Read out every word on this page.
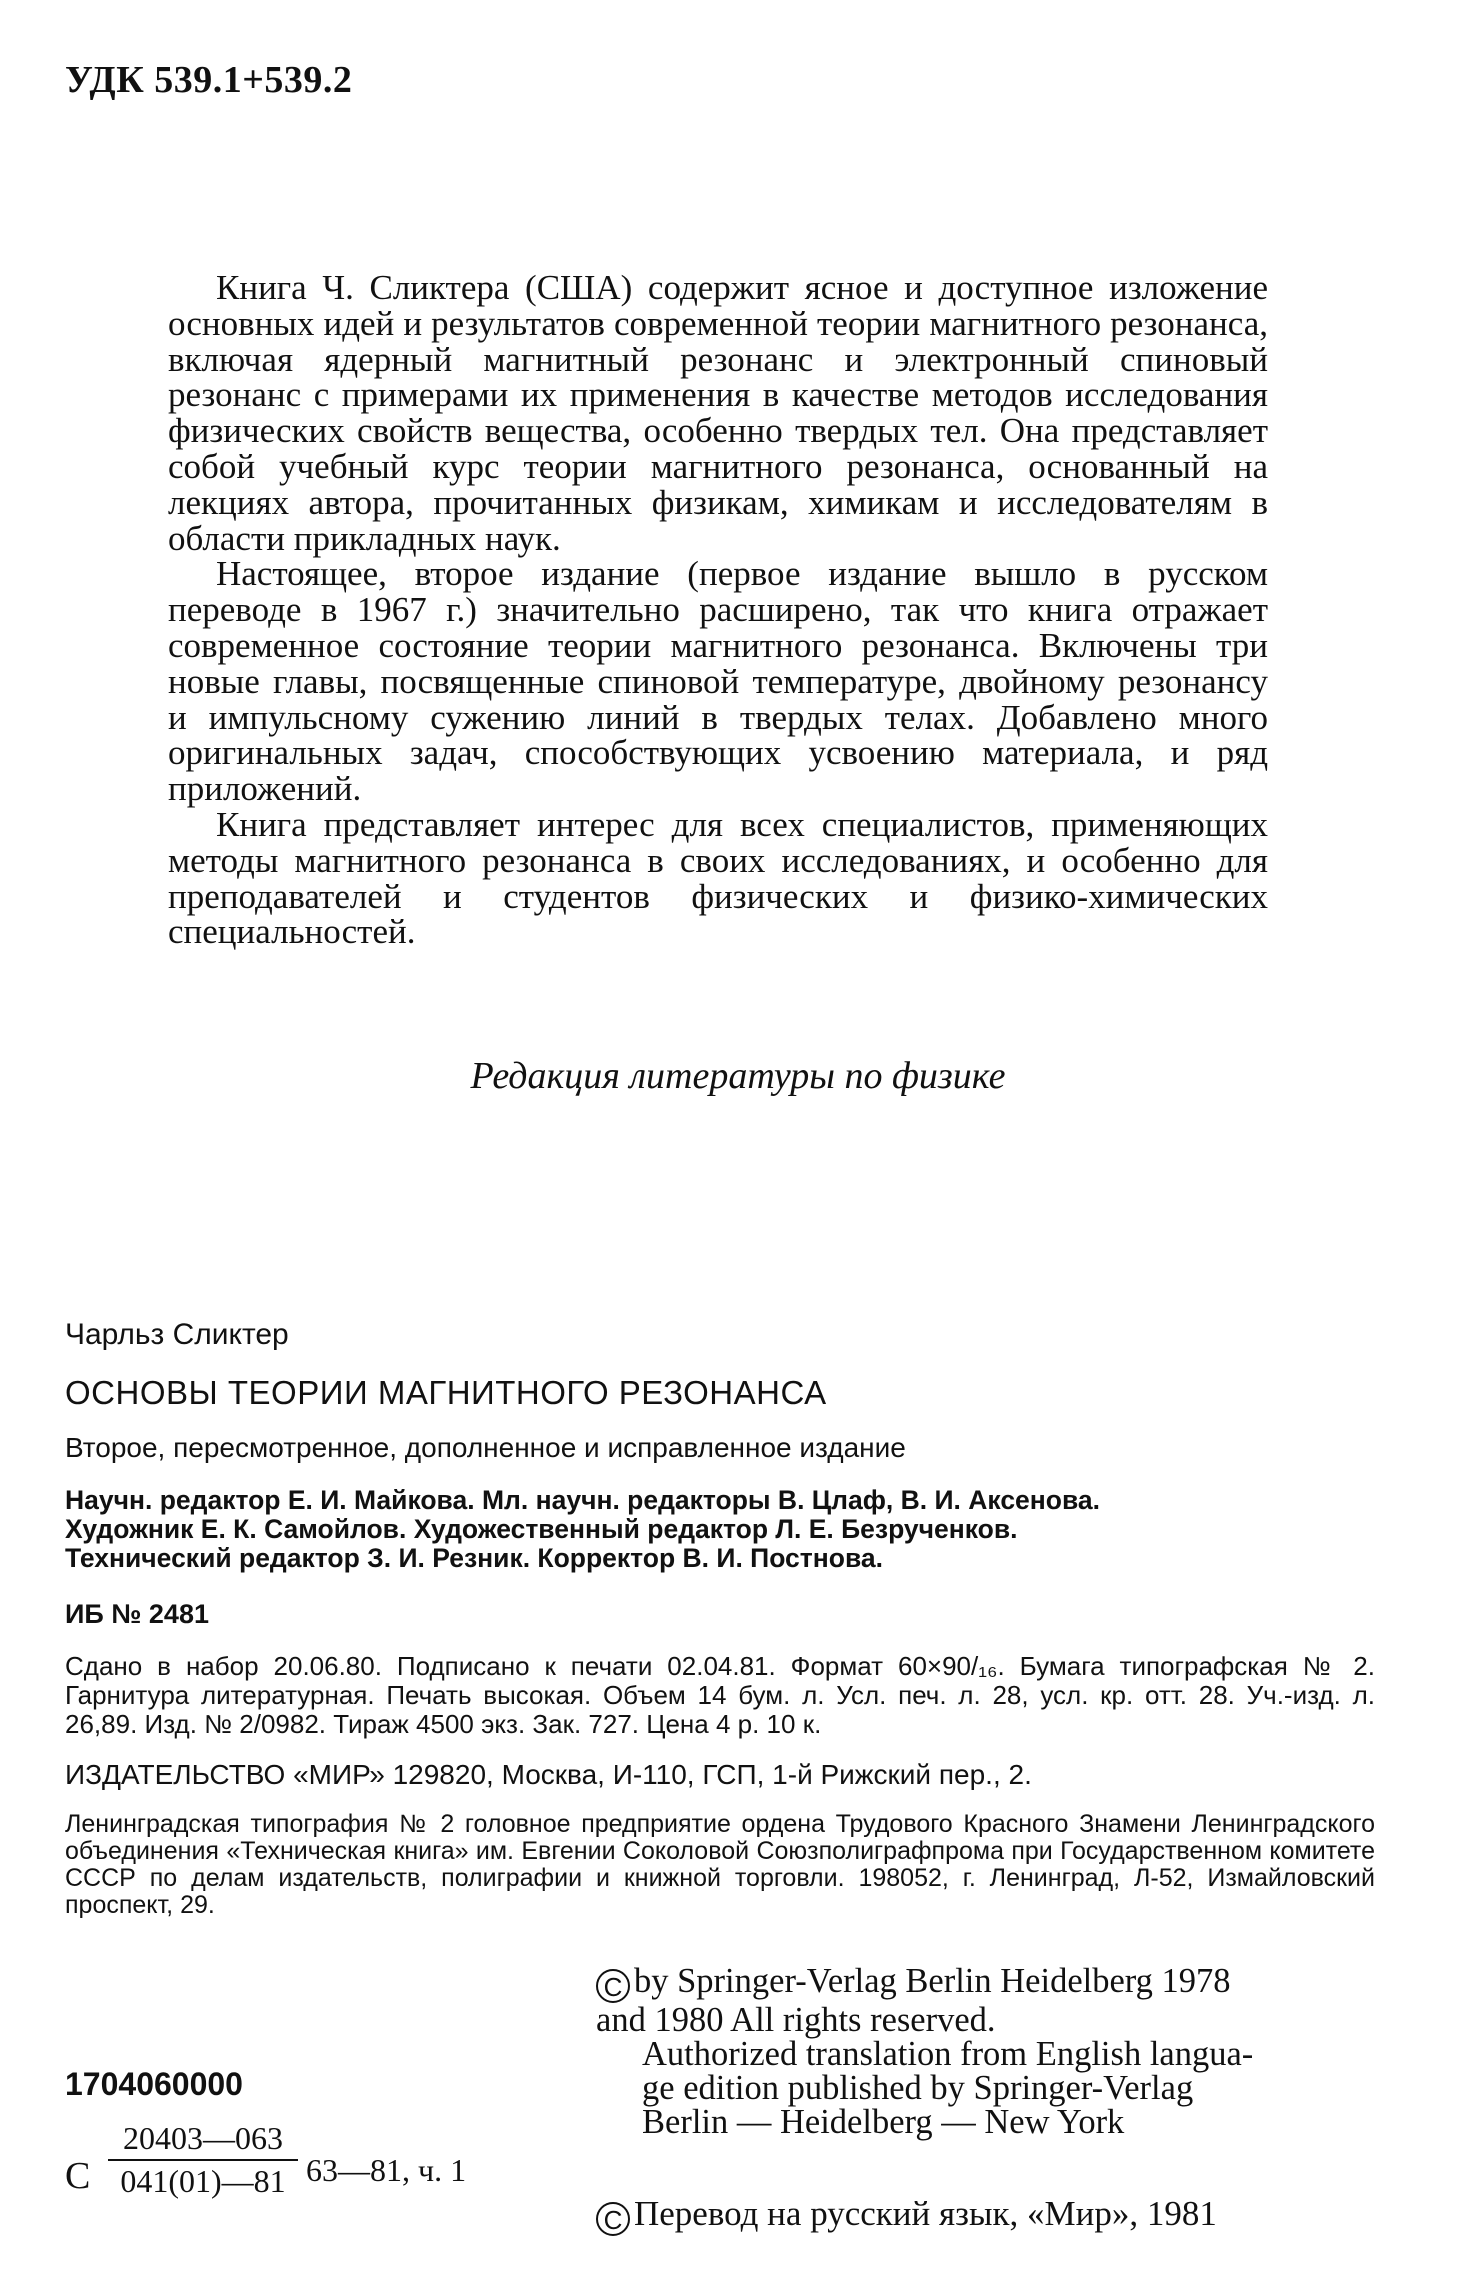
УДК 539.1+539.2

Книга Ч. Сликтера (США) содержит ясное и доступное изложение основных идей и результатов современной теории магнитного резонанса, включая ядерный магнитный резонанс и электронный спиновый резонанс с примерами их применения в качестве методов исследования физических свойств вещества, особенно твердых тел. Она представляет собой учебный курс теории магнитного резонанса, основанный на лекциях автора, прочитанных физикам, химикам и исследователям в области прикладных наук.

Настоящее, второе издание (первое издание вышло в русском переводе в 1967 г.) значительно расширено, так что книга отражает современное состояние теории магнитного резонанса. Включены три новые главы, посвященные спиновой температуре, двойному резонансу и импульсному сужению линий в твердых телах. Добавлено много оригинальных задач, способствующих усвоению материала, и ряд приложений.

Книга представляет интерес для всех специалистов, применяющих методы магнитного резонанса в своих исследованиях, и особенно для преподавателей и студентов физических и физико-химических специальностей.

Редакция литературы по физике
Чарльз Сликтер
ОСНОВЫ ТЕОРИИ МАГНИТНОГО РЕЗОНАНСА
Второе, пересмотренное, дополненное и исправленное издание
Научн. редактор Е. И. Майкова. Мл. научн. редакторы В. Цлаф, В. И. Аксенова.
Художник Е. К. Самойлов. Художественный редактор Л. Е. Безрученков.
Технический редактор З. И. Резник. Корректор В. И. Постнова.
ИБ № 2481
Сдано в набор 20.06.80. Подписано к печати 02.04.81. Формат 60×90/₁₆. Бумага типографская № 2. Гарнитура литературная. Печать высокая. Объем 14 бум. л. Усл. печ. л. 28, усл. кр. отт. 28. Уч.-изд. л. 26,89. Изд. № 2/0982. Тираж 4500 экз. Зак. 727. Цена 4 р. 10 к.
ИЗДАТЕЛЬСТВО «МИР» 129820, Москва, И-110, ГСП, 1-й Рижский пер., 2.
Ленинградская типография № 2 головное предприятие ордена Трудового Красного Знамени Ленинградского объединения «Техническая книга» им. Евгении Соколовой Союзполиграфпрома при Государственном комитете СССР по делам издательств, полиграфии и книжной торговли. 198052, г. Ленинград, Л-52, Измайловский проспект, 29.
C by Springer-Verlag Berlin Heidelberg 1978
and 1980 All rights reserved.
Authorized translation from English langua-
ge edition published by Springer-Verlag
Berlin — Heidelberg — New York
C Перевод на русский язык, «Мир», 1981
1704060000
С $\frac{20403—063}{041(01)—81}$ 63—81, ч. 1
